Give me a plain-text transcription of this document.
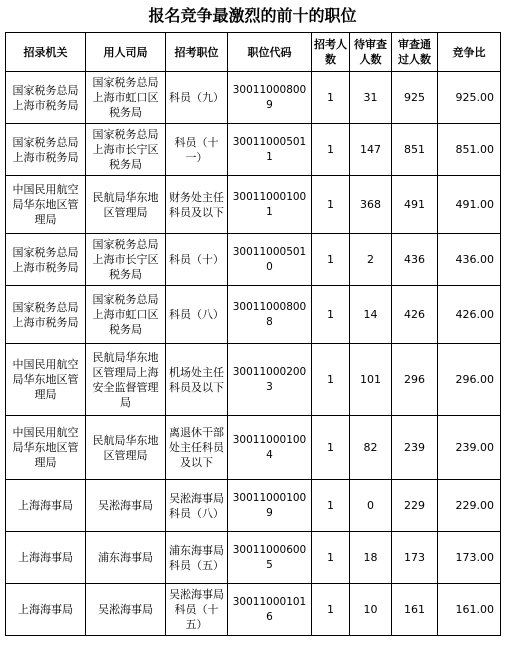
报名竞争最激烈的前十的职位
招录机关	用人司局	招考职位	职位代码	招考人数	待审查人数	审查通过人数	竞争比
国家税务总局上海市税务局	国家税务总局上海市虹口区税务局	科员（九）	300110008009	1	31	925	925.00
国家税务总局上海市税务局	国家税务总局上海市长宁区税务局	科员（十一）	300110005011	1	147	851	851.00
中国民用航空局华东地区管理局	民航局华东地区管理局	财务处主任科员及以下	300110001001	1	368	491	491.00
国家税务总局上海市税务局	国家税务总局上海市长宁区税务局	科员（十）	300110005010	1	2	436	436.00
国家税务总局上海市税务局	国家税务总局上海市虹口区税务局	科员（八）	300110008008	1	14	426	426.00
中国民用航空局华东地区管理局	民航局华东地区管理局上海安全监督管理局	机场处主任科员及以下	300110002003	1	101	296	296.00
中国民用航空局华东地区管理局	民航局华东地区管理局	离退休干部处主任科员及以下	300110001004	1	82	239	239.00
上海海事局	吴淞海事局	吴淞海事局科员（八）	300110001009	1	0	229	229.00
上海海事局	浦东海事局	浦东海事局科员（五）	300110006005	1	18	173	173.00
上海海事局	吴淞海事局	吴淞海事局科员（十五）	300110001016	1	10	161	161.00
